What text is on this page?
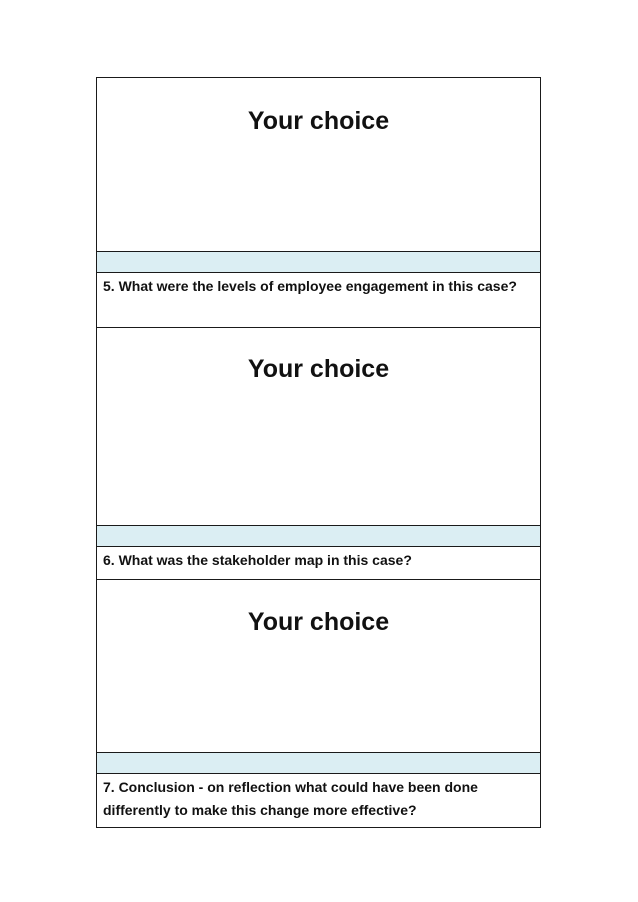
Your choice
5. What were the levels of employee engagement in this case?
Your choice
6. What was the stakeholder map in this case?
Your choice
7. Conclusion - on reflection what could have been done differently to make this change more effective?
